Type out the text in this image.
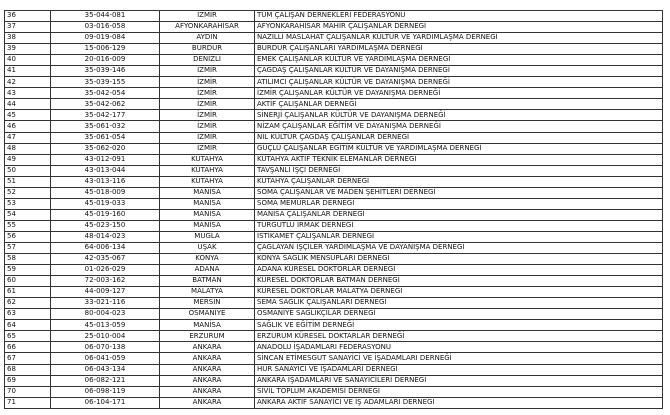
36	35-044-081	İZMİR	TÜM ÇALIŞAN DERNEKLERİ FEDERASYONU
37	03-016-058	AFYONKARAHİSAR	AFYONKARAHİSAR MAHİR ÇALIŞANLAR DERNEĞİ
38	09-019-084	AYDIN	NAZİLLİ MASLAHAT ÇALIŞANLAR KÜLTÜR VE YARDIMLAŞMA DERNEĞİ
39	15-006-129	BURDUR	BURDUR ÇALIŞANLARI YARDIMLAŞMA DERNEĞİ
40	20-016-009	DENİZLİ	EMEK ÇALIŞANLAR KÜLTÜR VE YARDIMLAŞMA DERNEĞİ
41	35-039-146	İZMİR	ÇAĞDAŞ ÇALIŞANLAR KÜLTÜR VE DAYANIŞMA DERNEĞİ
42	35-039-155	İZMİR	ATILIMCI ÇALIŞANLAR KÜLTÜR VE DAYANIŞMA DERNEĞİ
43	35-042-054	İZMİR	İZMİR ÇALIŞANLAR KÜLTÜR VE DAYANIŞMA DERNEĞİ
44	35-042-062	İZMİR	AKTİF ÇALIŞANLAR DERNEĞİ
45	35-042-177	İZMİR	SİNERJİ ÇALIŞANLAR KÜLTÜR VE DAYANIŞMA DERNEĞİ
46	35-061-032	İZMİR	NİZAM ÇALIŞANLAR EĞİTİM VE DAYANIŞMA DERNEĞİ
47	35-061-054	İZMİR	NİL KÜLTÜR ÇAĞDAŞ ÇALIŞANLAR DERNEĞİ
48	35-062-020	İZMİR	GÜÇLÜ ÇALIŞANLAR EĞİTİM KÜLTÜR VE YARDIMLAŞMA DERNEĞİ
49	43-012-091	KÜTAHYA	KÜTAHYA AKTİF TEKNİK ELEMANLAR DERNEĞİ
50	43-013-044	KÜTAHYA	TAVŞANLI İŞÇİ DERNEĞİ
51	43-013-116	KÜTAHYA	KÜTAHYA ÇALIŞANLAR DERNEĞİ
52	45-018-009	MANİSA	SOMA ÇALIŞANLAR VE MADEN ŞEHİTLERİ DERNEĞİ
53	45-019-033	MANİSA	SOMA MEMURLAR DERNEĞİ
54	45-019-160	MANİSA	MANİSA ÇALIŞANLAR DERNEĞİ
55	45-023-150	MANİSA	TURGUTLU IRMAK DERNEĞİ
56	48-014-023	MUĞLA	İSTİKAMET ÇALIŞANLAR DERNEĞİ
57	64-006-134	UŞAK	ÇAĞLAYAN İŞÇİLER YARDIMLAŞMA VE DAYANIŞMA DERNEĞİ
58	42-035-067	KONYA	KONYA SAĞLIK MENSUPLARI DERNEĞİ
59	01-026-029	ADANA	ADANA KÜRESEL DOKTORLAR DERNEĞİ
60	72-003-162	BATMAN	KÜRESEL DOKTORLAR BATMAN DERNEĞİ
61	44-009-127	MALATYA	KÜRESEL DOKTORLAR MALATYA DERNEĞİ
62	33-021-116	MERSİN	SEMA SAĞLIK ÇALIŞANLARI DERNEĞİ
63	80-004-023	OSMANİYE	OSMANİYE SAĞLIKÇILAR DERNEĞİ
64	45-013-059	MANİSA	SAĞLIK VE EĞİTİM DERNEĞİ
65	25-010-004	ERZURUM	ERZURUM KÜRESEL DOKTARLAR DERNEĞİ
66	06-070-138	ANKARA	ANADOLU İŞADAMLARI FEDERASYONU
67	06-041-059	ANKARA	SİNCAN ETİMESGUT SANAYİCİ VE İŞADAMLARI DERNEĞİ
68	06-043-134	ANKARA	HÜR SANAYİCİ VE İŞADAMLARI DERNEĞİ
69	06-082-121	ANKARA	ANKARA İŞADAMLARI VE SANAYİCİLERİ DERNEĞİ
70	06-098-119	ANKARA	SİVİL TOPLUM AKADEMİSİ DERNEĞİ
71	06-104-171	ANKARA	ANKARA AKTİF SANAYİCİ VE İŞ ADAMLARI DERNEĞİ
